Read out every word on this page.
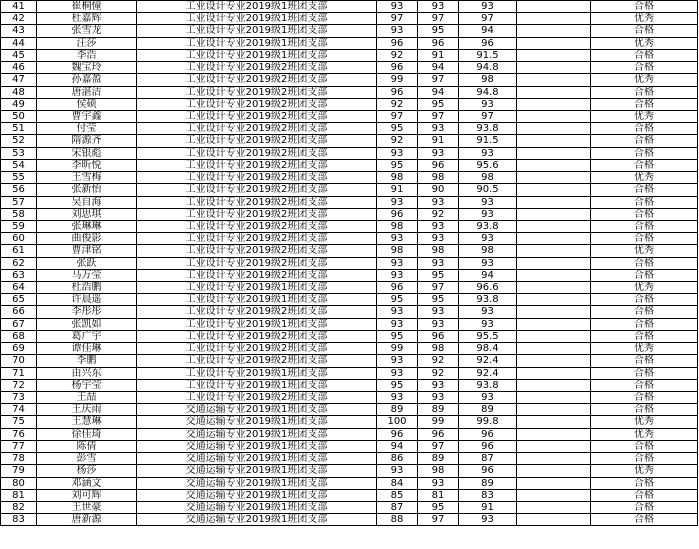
41	崔桐憧	工业设计专业2019级1班团支部	93	93	93	合格
42	杜嘉辉	工业设计专业2019级1班团支部	97	97	97	优秀
43	张雪龙	工业设计专业2019级1班团支部	93	95	94	合格
44	汪莎	工业设计专业2019级1班团支部	96	96	96	优秀
45	李浩	工业设计专业2019级1班团支部	92	91	91.5	合格
46	魏宝玲	工业设计专业2019级2班团支部	96	94	94.8	合格
47	孙嘉盈	工业设计专业2019级2班团支部	99	97	98	优秀
48	唐湛洁	工业设计专业2019级2班团支部	96	94	94.8	合格
49	侯硕	工业设计专业2019级2班团支部	92	95	93	合格
50	曹宇鑫	工业设计专业2019级2班团支部	97	97	97	优秀
51	付莹	工业设计专业2019级2班团支部	95	93	93.8	合格
52	隋源齐	工业设计专业2019级2班团支部	92	91	91.5	合格
53	宋银彪	工业设计专业2019级2班团支部	93	93	93	合格
54	李昕悦	工业设计专业2019级2班团支部	95	96	95.6	合格
55	王雪梅	工业设计专业2019级2班团支部	98	98	98	优秀
56	张新怡	工业设计专业2019级2班团支部	91	90	90.5	合格
57	吴自海	工业设计专业2019级2班团支部	93	93	93	合格
58	刘思琪	工业设计专业2019级2班团支部	96	92	93	合格
59	张琳琳	工业设计专业2019级2班团支部	98	93	93.8	合格
60	曲俊影	工业设计专业2019级2班团支部	93	93	93	合格
61	曹津铭	工业设计专业2019级2班团支部	98	98	98	优秀
62	张跃	工业设计专业2019级2班团支部	93	93	93	合格
63	马万莹	工业设计专业2019级2班团支部	93	95	94	合格
64	杜浩鹏	工业设计专业2019级1班团支部	96	97	96.6	优秀
65	许晨遥	工业设计专业2019级1班团支部	95	95	93.8	合格
66	李彤彤	工业设计专业2019级2班团支部	93	93	93	合格
67	张凯如	工业设计专业2019级1班团支部	93	93	93	合格
68	葛广宇	工业设计专业2019级2班团支部	95	96	95.5	合格
69	谭佳琳	工业设计专业2019级2班团支部	99	98	98.4	优秀
70	李鹏	工业设计专业2019级2班团支部	93	92	92.4	合格
71	由兴东	工业设计专业2019级1班团支部	93	92	92.4	合格
72	杨宇莹	工业设计专业2019级1班团支部	95	93	93.8	合格
73	王喆	工业设计专业2019级2班团支部	93	93	93	合格
74	王庆雨	交通运输专业2019级1班团支部	89	89	89	合格
75	王慧琳	交通运输专业2019级1班团支部	100	99	99.8	优秀
76	徐佳琦	交通运输专业2019级1班团支部	96	96	96	优秀
77	陈倩	交通运输专业2019级1班团支部	94	97	96	合格
78	彭雪	交通运输专业2019级1班团支部	86	89	87	合格
79	杨莎	交通运输专业2019级1班团支部	93	98	96	优秀
80	邓涵文	交通运输专业2019级1班团支部	84	93	89	合格
81	刘可辉	交通运输专业2019级1班团支部	85	81	83	合格
82	王世豪	交通运输专业2019级1班团支部	87	95	91	合格
83	唐新源	交通运输专业2019级1班团支部	88	97	93	合格
